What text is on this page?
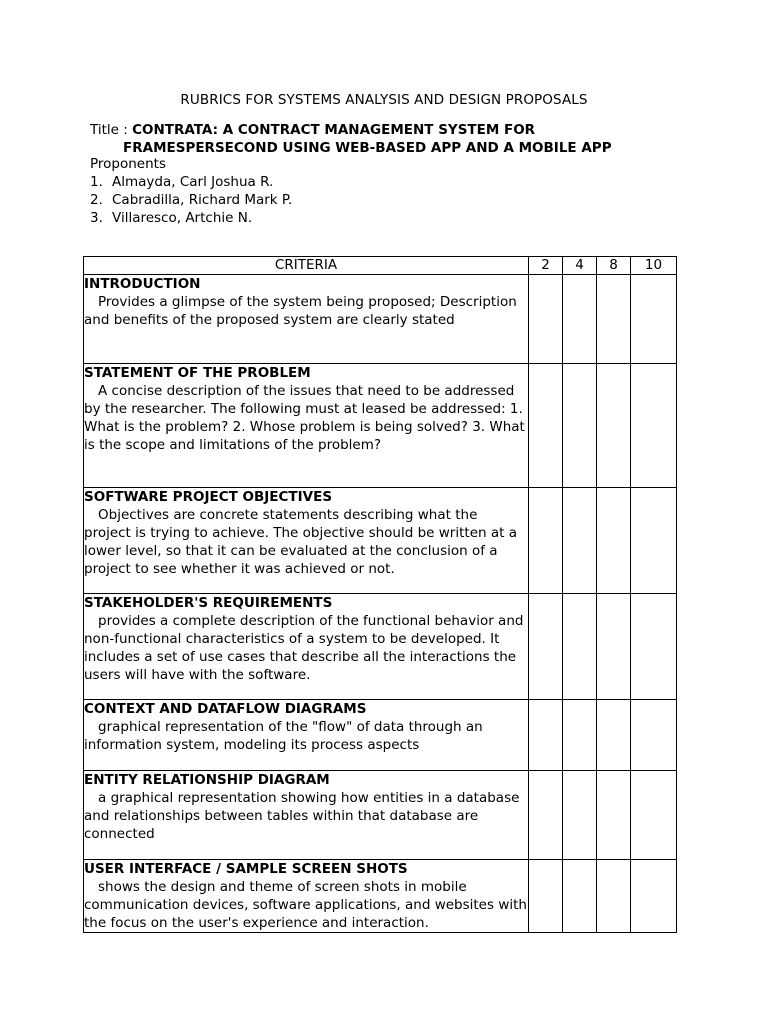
RUBRICS FOR SYSTEMS ANALYSIS AND DESIGN PROPOSALS
Title : CONTRATA: A CONTRACT MANAGEMENT SYSTEM FOR
FRAMESPERSECOND USING WEB-BASED APP AND A MOBILE APP
Proponents
1. Almayda, Carl Joshua R.
2. Cabradilla, Richard Mark P.
3. Villaresco, Artchie N.
CRITERIA	2	4	8	10

INTRODUCTION
Provides a glimpse of the system being proposed; Description and benefits of the proposed system are clearly stated				

STATEMENT OF THE PROBLEM
A concise description of the issues that need to be addressed by the researcher. The following must at leased be addressed: 1. What is the problem? 2. Whose problem is being solved? 3. What is the scope and limitations of the problem?				

SOFTWARE PROJECT OBJECTIVES
Objectives are concrete statements describing what the project is trying to achieve. The objective should be written at a lower level, so that it can be evaluated at the conclusion of a project to see whether it was achieved or not.				

STAKEHOLDER'S REQUIREMENTS
provides a complete description of the functional behavior and non-functional characteristics of a system to be developed. It includes a set of use cases that describe all the interactions the users will have with the software.				

CONTEXT AND DATAFLOW DIAGRAMS
graphical representation of the "flow" of data through an information system, modeling its process aspects				

ENTITY RELATIONSHIP DIAGRAM
a graphical representation showing how entities in a database and relationships between tables within that database are connected				

USER INTERFACE / SAMPLE SCREEN SHOTS
shows the design and theme of screen shots in mobile communication devices, software applications, and websites with the focus on the user's experience and interaction.				
